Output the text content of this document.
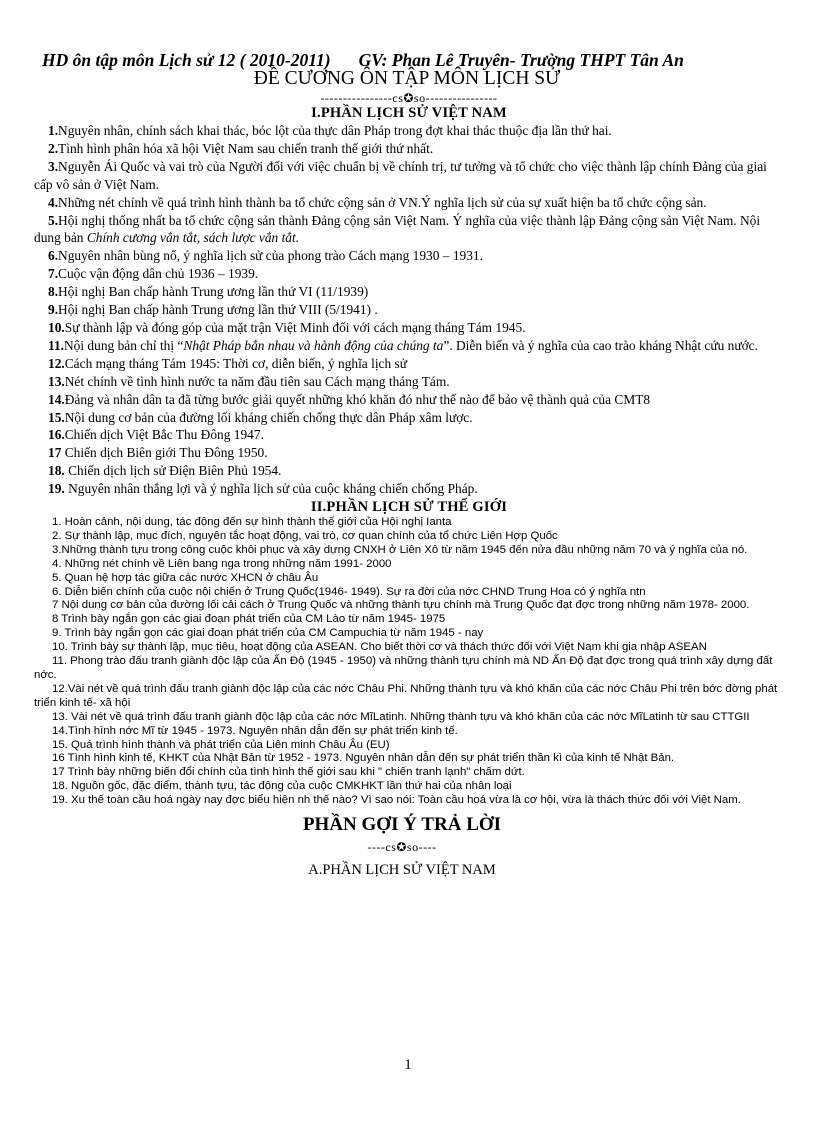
HD ôn tập môn Lịch sử 12 ( 2010-2011) GV: Phan Lê Truyên- Trường THPT Tân An
ĐỀ CƯƠNG ÔN TẬP MÔN LỊCH SỬ
----------------cs✪so----------------
I.PHẦN LỊCH SỬ VIỆT NAM

1.Nguyên nhân, chính sách khai thác, bóc lột của thực dân Pháp trong đợt khai thác thuộc địa lần thứ hai.

2.Tình hình phân hóa xã hội Việt Nam sau chiến tranh thế giới thứ nhất.

3.Nguyễn Ái Quốc và vai trò của Người đối với việc chuẩn bị về chính trị, tư tưởng và tổ chức cho việc thành lập chính Đảng của giai cấp vô sản ở Việt Nam.

4.Những nét chính về quá trình hình thành ba tổ chức cộng sản ở VN.Ý nghĩa lịch sử của sự xuất hiện ba tổ chức cộng sản.

5.Hội nghị thống nhất ba tổ chức cộng sản thành Đảng cộng sản Việt Nam. Ý nghĩa của việc thành lập Đảng cộng sản Việt Nam. Nội dung bản Chính cương vắn tắt, sách lược vắn tắt.

6.Nguyên nhân bùng nổ, ý nghĩa lịch sử của phong trào Cách mạng 1930 – 1931.

7.Cuộc vận động dân chủ 1936 – 1939.

8.Hội nghị Ban chấp hành Trung ương lần thứ VI (11/1939)

9.Hội nghị Ban chấp hành Trung ương lần thứ VIII (5/1941) .

10.Sự thành lập và đóng góp của mặt trận Việt Minh đối với cách mạng tháng Tám 1945.

11.Nội dung bản chỉ thị “Nhật Pháp bắn nhau và hành động của chúng ta”. Diễn biến và ý nghĩa của cao trào kháng Nhật cứu nước.

12.Cách mạng tháng Tám 1945: Thời cơ, diễn biến, ý nghĩa lịch sử

13.Nét chính về tình hình nước ta năm đầu tiên sau Cách mạng tháng Tám.

14.Đảng và nhân dân ta đã từng bước giải quyết những khó khăn đó như thế nào để bảo vệ thành quả của CMT8

15.Nội dung cơ bản của đường lối kháng chiến chống thực dân Pháp xâm lược.

16.Chiến dịch Việt Bắc Thu Đông 1947.

17 Chiến dịch Biên giới Thu Đông 1950.

18. Chiến dịch lịch sử Điện Biên Phủ 1954.

19. Nguyên nhân thắng lợi và ý nghĩa lịch sử của cuộc kháng chiến chống Pháp.

II.PHẦN LỊCH SỬ THẾ GIỚI

1. Hoàn cảnh, nội dung, tác động đến sự hình thành thế giới của Hội nghị Ianta

2. Sự thành lập, mục đích, nguyên tắc hoạt động, vai trò, cơ quan chính của tổ chức Liên Hợp Quốc

3.Những thành tựu trong công cuộc khôi phục và xây dựng CNXH ở Liên Xô từ năm 1945 đến nửa đầu những năm 70 và ý nghĩa của nó.

4. Những nét chính về Liên bang nga trong những năm 1991- 2000

5. Quan hệ hợp tác giữa các nước XHCN ở châu Âu

6. Diễn biến chính của cuộc nội chiến ở Trung Quốc(1946- 1949). Sự ra đời của nớc CHND Trung Hoa có ý nghĩa ntn

7 Nội dung cơ bản của đường lối cải cách ở Trung Quốc và những thành tựu chính mà Trung Quốc đạt đợc trong những năm 1978- 2000.

8 Trình bày ngắn gọn các giai đoạn phát triển của CM Lào từ năm 1945- 1975

9. Trình bày ngắn gọn các giai đoạn phát triển của CM Campuchia từ năm 1945 - nay

10. Trình bày sự thành lập, mục tiêu, hoạt động của ASEAN. Cho biết thời cơ và thách thức đối với Việt Nam khi gia nhập ASEAN

11. Phong trào đấu tranh giành độc lập của Ấn Độ (1945 - 1950) và những thành tựu chính mà ND Ấn Độ đạt đợc trong quá trình xây dựng đất nớc.

12.Vài nét về quá trình đấu tranh giành độc lập của các nớc Châu Phi. Những thành tựu và khó khăn của các nớc Châu Phi trên bớc đờng phát triển kinh tế- xã hội

13. Vài nét về quá trình đấu tranh giành độc lập của các nớc MĩLatinh. Những thành tựu và khó khăn của các nớc MĩLatinh từ sau CTTGII

14.Tình hình nớc Mĩ từ 1945 - 1973. Nguyên nhân dẫn đến sự phát triển kinh tế.

15. Quá trình hình thành và phát triển của Liên minh Châu Âu (EU)

16 Tình hình kinh tế, KHKT của Nhật Bản từ 1952 - 1973. Nguyên nhân dẫn đến sự phát triển thần kì của kinh tế Nhật Bản.

17 Trình bày những biến đổi chính của tình hình thế giới sau khi " chiến tranh lạnh" chấm dứt.

18. Nguồn gốc, đặc điểm, thành tựu, tác động của cuộc CMKHKT lần thứ hai của nhân loại

19. Xu thế toàn cầu hoá ngày nay đợc biểu hiện nh thế nào? Vì sao nói: Toàn cầu hoá vừa là cơ hội, vừa là thách thức đối với Việt Nam.

PHẦN GỢI Ý TRẢ LỜI
----cs✪so----
A.PHẦN LỊCH SỬ VIỆT NAM
1
